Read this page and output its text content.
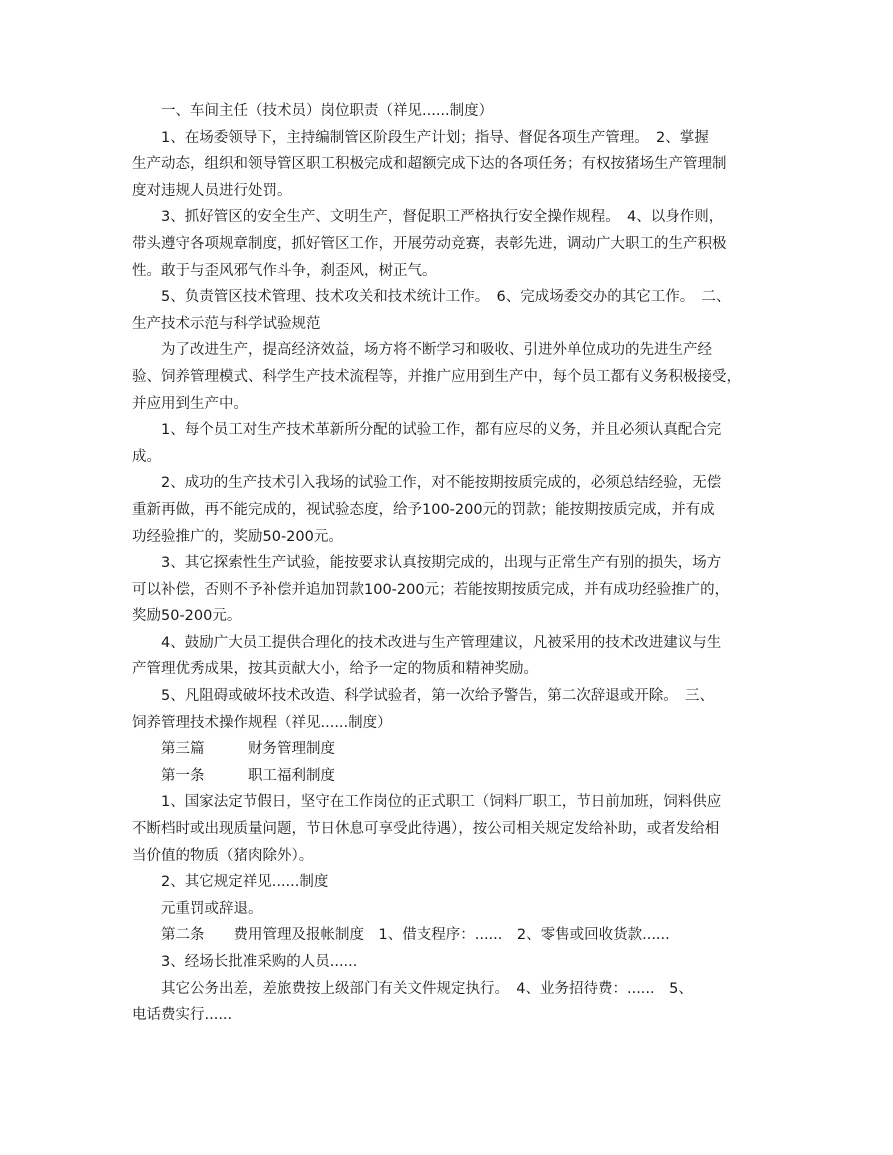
　　一、车间主任（技术员）岗位职责（祥见......制度）
　　1、在场委领导下，主持编制管区阶段生产计划；指导、督促各项生产管理。　2、掌握
生产动态，组织和领导管区职工积极完成和超额完成下达的各项任务；有权按猪场生产管理制
度对违规人员进行处罚。
　　3、抓好管区的安全生产、文明生产，督促职工严格执行安全操作规程。　4、以身作则，
带头遵守各项规章制度，抓好管区工作，开展劳动竞赛，表彰先进，调动广大职工的生产积极
性。敢于与歪风邪气作斗争，刹歪风，树正气。
　　5、负责管区技术管理、技术攻关和技术统计工作。　6、完成场委交办的其它工作。　二、
生产技术示范与科学试验规范
　　为了改进生产，提高经济效益，场方将不断学习和吸收、引进外单位成功的先进生产经
验、饲养管理模式、科学生产技术流程等，并推广应用到生产中，每个员工都有义务积极接受，
并应用到生产中。
　　1、每个员工对生产技术革新所分配的试验工作，都有应尽的义务，并且必须认真配合完
成。
　　2、成功的生产技术引入我场的试验工作，对不能按期按质完成的，必须总结经验，无偿
重新再做，再不能完成的，视试验态度，给予100-200元的罚款；能按期按质完成，并有成
功经验推广的，奖励50-200元。
　　3、其它探索性生产试验，能按要求认真按期完成的，出现与正常生产有别的损失，场方
可以补偿，否则不予补偿并追加罚款100-200元；若能按期按质完成，并有成功经验推广的，
奖励50-200元。
　　4、鼓励广大员工提供合理化的技术改进与生产管理建议，凡被采用的技术改进建议与生
产管理优秀成果，按其贡献大小，给予一定的物质和精神奖励。
　　5、凡阻碍或破坏技术改造、科学试验者，第一次给予警告，第二次辞退或开除。　三、
饲养管理技术操作规程（祥见......制度）
　　第三篇　　　财务管理制度
　　第一条　　　职工福利制度
　　1、国家法定节假日，坚守在工作岗位的正式职工（饲料厂职工，节日前加班，饲料供应
不断档时或出现质量问题，节日休息可享受此待遇），按公司相关规定发给补助，或者发给相
当价值的物质（猪肉除外）。
　　2、其它规定祥见......制度
　　元重罚或辞退。
　　第二条　　费用管理及报帐制度　1、借支程序：......　2、零售或回收货款......
　　3、经场长批准采购的人员......
　　其它公务出差，差旅费按上级部门有关文件规定执行。　4、业务招待费：......　5、
电话费实行......
